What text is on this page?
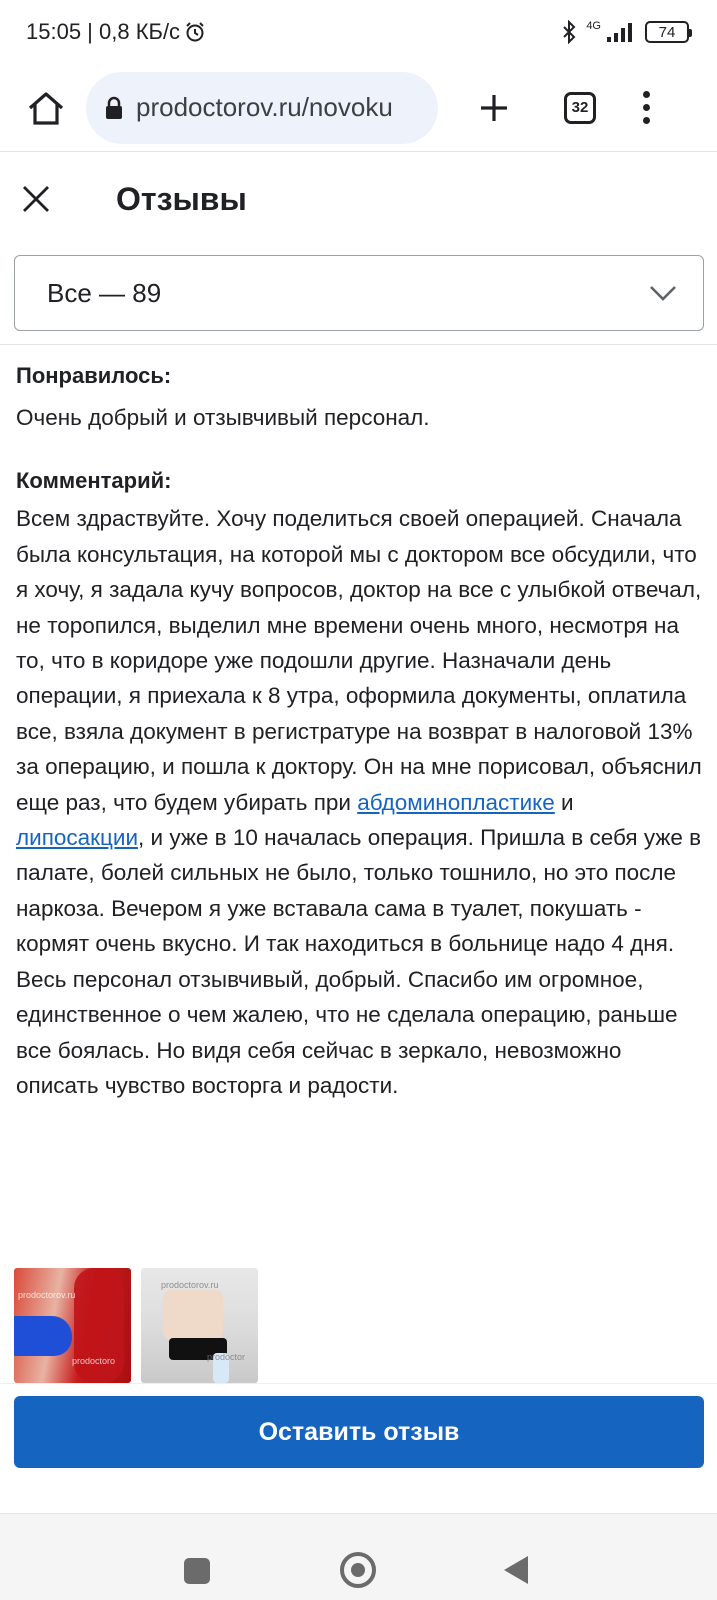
15:05 | 0,8 КБ/с	4G	74
prodoctorov.ru/novoku	32
Отзывы
Все — 89
Понравилось:
Очень добрый и отзывчивый персонал.
Комментарий:
Всем здраствуйте. Хочу поделиться своей операцией. Сначала была консультация, на которой мы с доктором все обсудили, что я хочу, я задала кучу вопросов, доктор на все с улыбкой отвечал, не торопился, выделил мне времени очень много, несмотря на то, что в коридоре уже подошли другие. Назначали день операции, я приехала к 8 утра, оформила документы, оплатила все, взяла документ в регистратуре на возврат в налоговой 13% за операцию, и пошла к доктору. Он на мне порисовал, объяснил еще раз, что будем убирать при абдоминопластике и липосакции, и уже в 10 началась операция. Пришла в себя уже в палате, болей сильных не было, только тошнило, но это после наркоза. Вечером я уже вставала сама в туалет, покушать - кормят очень вкусно. И так находиться в больнице надо 4 дня. Весь персонал отзывчивый, добрый. Спасибо им огромное, единственное о чем жалею, что не сделала операцию, раньше все боялась. Но видя себя сейчас в зеркало, невозможно описать чувство восторга и радости.
prodoctorov.ru
prodoctoro
prodoctorov.ru
prodoctor
Оставить отзыв
